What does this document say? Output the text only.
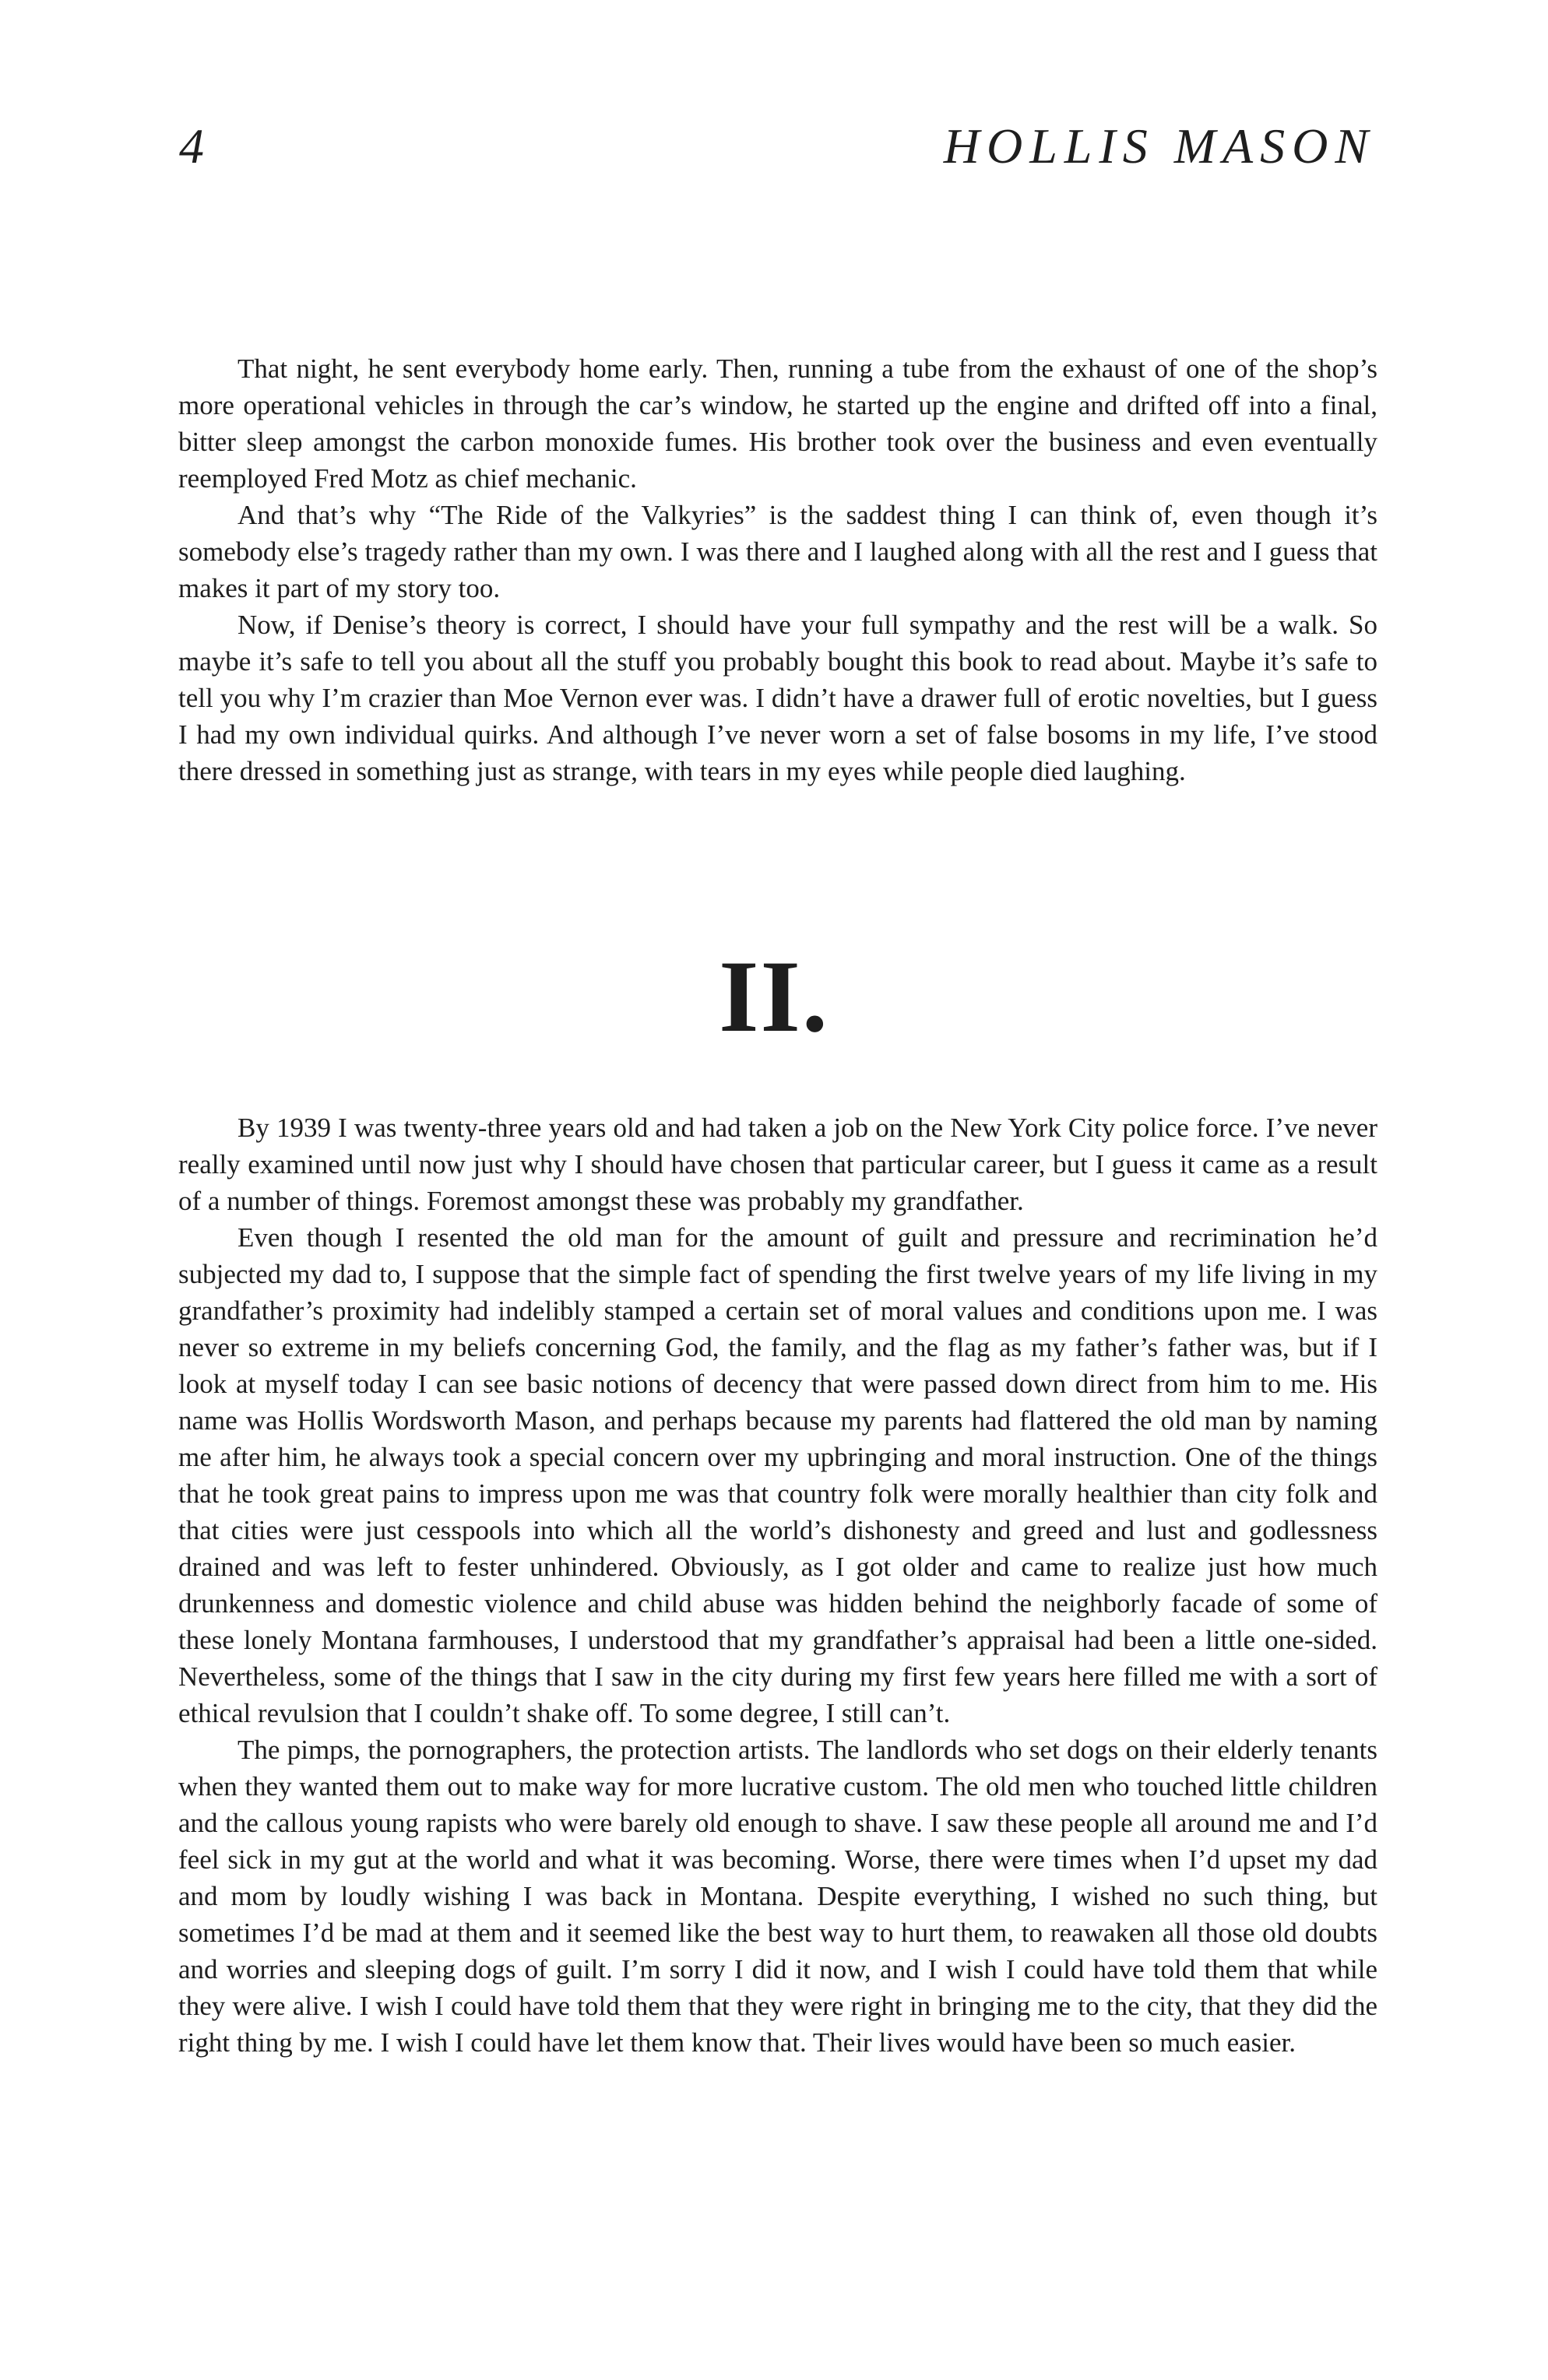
4	HOLLIS MASON

That night, he sent everybody home early. Then, running a tube from the exhaust of one of the shop’s more operational vehicles in through the car’s window, he started up the engine and drifted off into a final, bitter sleep amongst the carbon monoxide fumes. His brother took over the business and even eventually reemployed Fred Motz as chief mechanic.

And that’s why “The Ride of the Valkyries” is the saddest thing I can think of, even though it’s somebody else’s tragedy rather than my own. I was there and I laughed along with all the rest and I guess that makes it part of my story too.

Now, if Denise’s theory is correct, I should have your full sympathy and the rest will be a walk. So maybe it’s safe to tell you about all the stuff you probably bought this book to read about. Maybe it’s safe to tell you why I’m crazier than Moe Vernon ever was. I didn’t have a drawer full of erotic novelties, but I guess I had my own individual quirks. And although I’ve never worn a set of false bosoms in my life, I’ve stood there dressed in something just as strange, with tears in my eyes while people died laughing.

II.

By 1939 I was twenty-three years old and had taken a job on the New York City police force. I’ve never really examined until now just why I should have chosen that particular career, but I guess it came as a result of a number of things. Foremost amongst these was probably my grandfather.

Even though I resented the old man for the amount of guilt and pressure and recrimination he’d subjected my dad to, I suppose that the simple fact of spending the first twelve years of my life living in my grandfather’s proximity had indelibly stamped a certain set of moral values and conditions upon me. I was never so extreme in my beliefs concerning God, the family, and the flag as my father’s father was, but if I look at myself today I can see basic notions of decency that were passed down direct from him to me. His name was Hollis Wordsworth Mason, and perhaps because my parents had flattered the old man by naming me after him, he always took a special concern over my upbringing and moral instruction. One of the things that he took great pains to impress upon me was that country folk were morally healthier than city folk and that cities were just cesspools into which all the world’s dishonesty and greed and lust and godlessness drained and was left to fester unhindered. Obviously, as I got older and came to realize just how much drunkenness and domestic violence and child abuse was hidden behind the neighborly facade of some of these lonely Montana farmhouses, I understood that my grandfather’s appraisal had been a little one-sided. Nevertheless, some of the things that I saw in the city during my first few years here filled me with a sort of ethical revulsion that I couldn’t shake off. To some degree, I still can’t.

The pimps, the pornographers, the protection artists. The landlords who set dogs on their elderly tenants when they wanted them out to make way for more lucrative custom. The old men who touched little children and the callous young rapists who were barely old enough to shave. I saw these people all around me and I’d feel sick in my gut at the world and what it was becoming. Worse, there were times when I’d upset my dad and mom by loudly wishing I was back in Montana. Despite everything, I wished no such thing, but sometimes I’d be mad at them and it seemed like the best way to hurt them, to reawaken all those old doubts and worries and sleeping dogs of guilt. I’m sorry I did it now, and I wish I could have told them that while they were alive. I wish I could have told them that they were right in bringing me to the city, that they did the right thing by me. I wish I could have let them know that. Their lives would have been so much easier.
